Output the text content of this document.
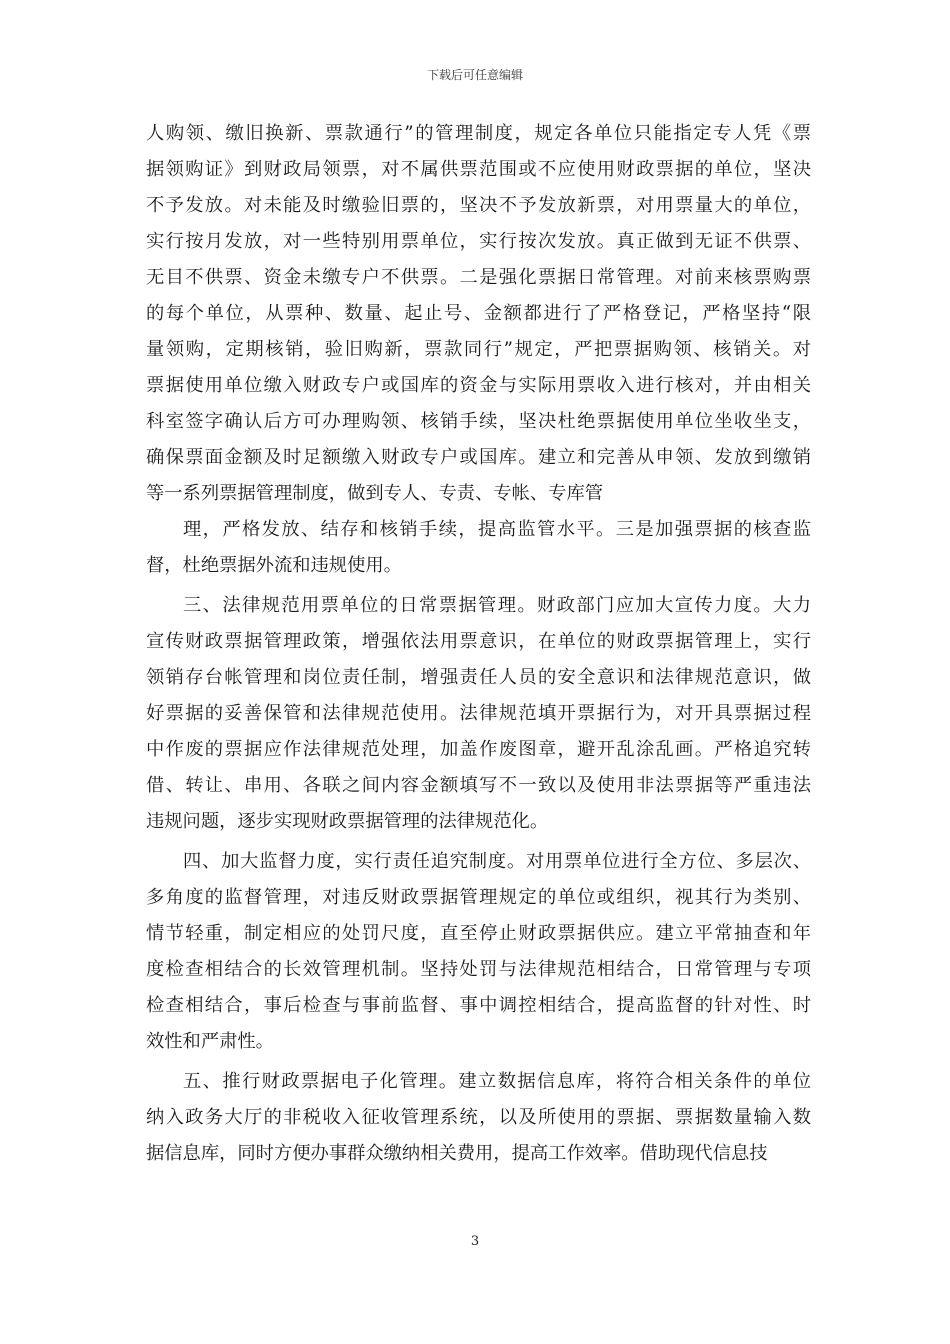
下载后可任意编辑
人购领、缴旧换新、票款通行”的管理制度，规定各单位只能指定专人凭《票
据领购证》到财政局领票，对不属供票范围或不应使用财政票据的单位，坚决
不予发放。对未能及时缴验旧票的，坚决不予发放新票，对用票量大的单位，
实行按月发放，对一些特别用票单位，实行按次发放。真正做到无证不供票、
无目不供票、资金未缴专户不供票。二是强化票据日常管理。对前来核票购票
的每个单位，从票种、数量、起止号、金额都进行了严格登记，严格坚持“限
量领购，定期核销，验旧购新，票款同行”规定，严把票据购领、核销关。对
票据使用单位缴入财政专户或国库的资金与实际用票收入进行核对，并由相关
科室签字确认后方可办理购领、核销手续，坚决杜绝票据使用单位坐收坐支，
确保票面金额及时足额缴入财政专户或国库。建立和完善从申领、发放到缴销
等一系列票据管理制度，做到专人、专责、专帐、专库管
理，严格发放、结存和核销手续，提高监管水平。三是加强票据的核查监
督，杜绝票据外流和违规使用。
三、法律规范用票单位的日常票据管理。财政部门应加大宣传力度。大力
宣传财政票据管理政策，增强依法用票意识，在单位的财政票据管理上，实行
领销存台帐管理和岗位责任制，增强责任人员的安全意识和法律规范意识，做
好票据的妥善保管和法律规范使用。法律规范填开票据行为，对开具票据过程
中作废的票据应作法律规范处理，加盖作废图章，避开乱涂乱画。严格追究转
借、转让、串用、各联之间内容金额填写不一致以及使用非法票据等严重违法
违规问题，逐步实现财政票据管理的法律规范化。
四、加大监督力度，实行责任追究制度。对用票单位进行全方位、多层次、
多角度的监督管理，对违反财政票据管理规定的单位或组织，视其行为类别、
情节轻重，制定相应的处罚尺度，直至停止财政票据供应。建立平常抽查和年
度检查相结合的长效管理机制。坚持处罚与法律规范相结合，日常管理与专项
检查相结合，事后检查与事前监督、事中调控相结合，提高监督的针对性、时
效性和严肃性。
五、推行财政票据电子化管理。建立数据信息库，将符合相关条件的单位
纳入政务大厅的非税收入征收管理系统，以及所使用的票据、票据数量输入数
据信息库，同时方便办事群众缴纳相关费用，提高工作效率。借助现代信息技
3
